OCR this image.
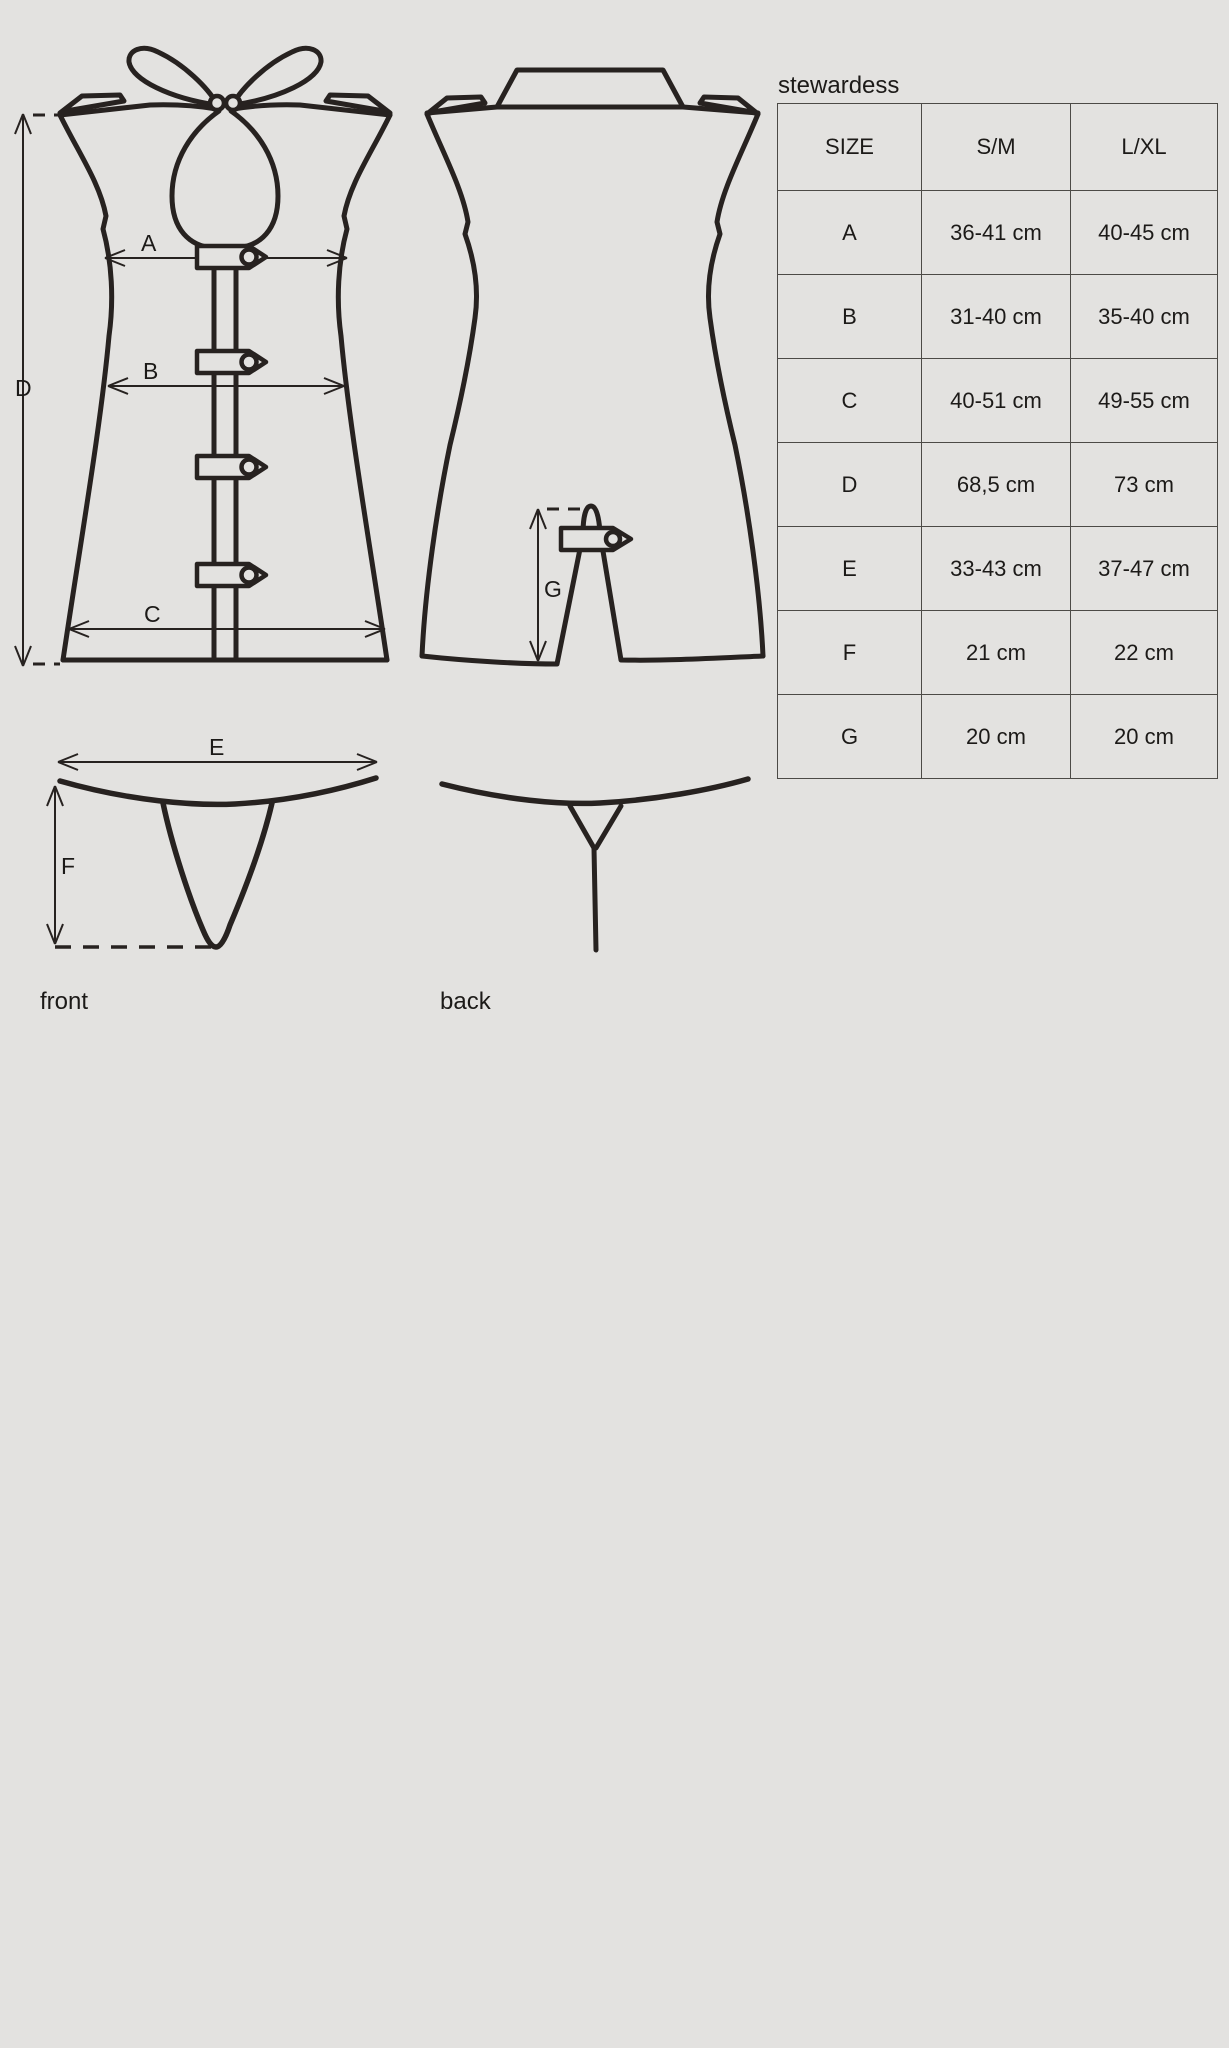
D
A
B
C
G
E
F
stewardess
SIZE	S/M	L/XL
A	36-41 cm	40-45 cm
B	31-40 cm	35-40 cm
C	40-51 cm	49-55 cm
D	68,5 cm	73 cm
E	33-43 cm	37-47 cm
F	21 cm	22 cm
G	20 cm	20 cm
front	back
